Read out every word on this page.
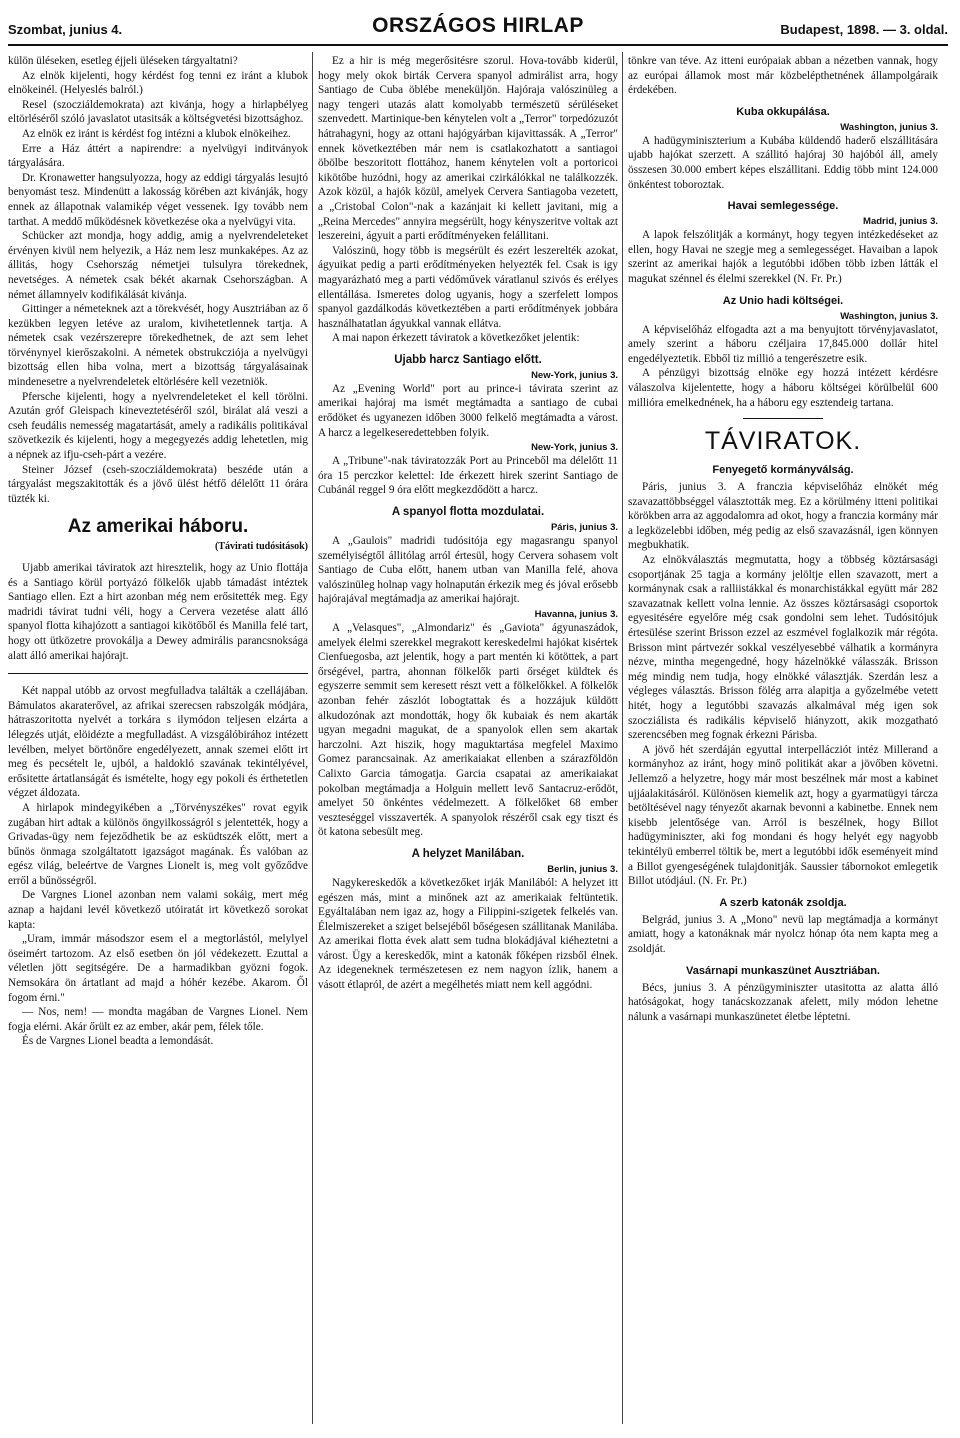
Szombat, junius 4.	ORSZÁGOS HIRLAP	Budapest, 1898. — 3. oldal.

külön üléseken, esetleg éjjeli üléseken tárgyaltatni?

Az elnök kijelenti, hogy kérdést fog tenni ez iránt a klubok elnökeinél. (Helyeslés balról.)

Resel (szocziáldemokrata) azt kivánja, hogy a hirlapbélyeg eltörléséről szóló javaslatot utasitsák a költségvetési bizottsághoz.

Az elnök ez iránt is kérdést fog intézni a klubok elnökeihez.

Erre a Ház áttért a napirendre: a nyelvügyi inditványok tárgyalására.

Dr. Kronawetter hangsulyozza, hogy az eddigi tárgyalás lesujtó benyomást tesz. Mindenütt a lakosság körében azt kivánják, hogy ennek az állapotnak valamikép véget vessenek. Igy tovább nem tarthat. A meddő működésnek következése oka a nyelvügyi vita.

Schücker azt mondja, hogy addig, amig a nyelvrendeleteket érvényen kivül nem helyezik, a Ház nem lesz munkaképes. Az az állitás, hogy Csehország németjei tulsulyra törekednek, nevetséges. A németek csak békét akarnak Csehországban. A német államnyelv kodifikálását kivánja.

Gittinger a németeknek azt a törekvését, hogy Ausztriában az ő kezükben legyen letéve az uralom, kivihetetlennek tartja. A németek csak vezérszerepre törekedhetnek, de azt sem lehet törvénynyel kierőszakolni. A németek obstrukcziója a nyelvügyi bizottság ellen hiba volna, mert a bizottság tárgyalásainak mindenesetre a nyelvrendeletek eltörlésére kell vezetniök.

Pfersche kijelenti, hogy a nyelvrendeleteket el kell törölni. Azután gróf Gleispach kineveztetéséről szól, birálat alá veszi a cseh feudális nemesség magatartását, amely a radikális politikával szövetkezik és kijelenti, hogy a megegyezés addig lehetetlen, mig a népnek az ifju-cseh-párt a vezére.

Steiner József (cseh-szocziáldemokrata) beszéde után a tárgyalást megszakitották és a jövő ülést hétfő délelőtt 11 órára tüzték ki.

Az amerikai háboru.
(Távirati tudósitások)

Ujabb amerikai táviratok azt hiresztelik, hogy az Unio flottája és a Santiago körül portyázó fölkelők ujabb támadást intéztek Santiago ellen. Ezt a hirt azonban még nem erősitették meg. Egy madridi távirat tudni véli, hogy a Cervera vezetése alatt álló spanyol flotta kihajózott a santiagoi kikötőből és Manilla felé tart, hogy ott ütközetre provokálja a Dewey admirális parancsnoksága alatt álló amerikai hajórajt.

Két nappal utóbb az orvost megfulladva találták a czellájában. Bámulatos akaraterővel, az afrikai szerecsen rabszolgák módjára, hátraszoritotta nyelvét a torkára s ilymódon teljesen elzárta a lélegzés utját, elöidézte a megfulladást. A vizsgálóbirához intézett levélben, melyet börtönőre engedélyezett, annak szemei előtt irt meg és pecsételt le, ujból, a haldokló szavának tekintélyével, erősitette ártatlanságát és ismételte, hogy egy pokoli és érthetetlen végzet áldozata.

A hirlapok mindegyikében a „Törvényszékes" rovat egyik zugában hirt adtak a különös öngyilkosságról s jelentették, hogy a Grivadas-ügy nem fejeződhetik be az esküdtszék előtt, mert a bűnös önmaga szolgáltatott igazságot magának. És valóban az egész világ, beleértve de Vargnes Lionelt is, meg volt győződve erről a bűnösségről.

De Vargnes Lionel azonban nem valami sokáig, mert még aznap a hajdani levél következő utóiratát irt következő sorokat kapta:

„Uram, immár másodszor esem el a megtorlástól, melylyel öseimért tartozom. Az első esetben ön jól védekezett. Ezuttal a véletlen jött segitségére. De a harmadikban gyözni fogok. Nemsokára ön ártatlant ad majd a hóhér kezébe. Akarom. Ől fogom érni."

— Nos, nem! — mondta magában de Vargnes Lionel. Nem fogja elérni. Akár őrült ez az ember, akár pem, félek tőle.

És de Vargnes Lionel beadta a lemondását.

Ez a hir is még megerősitésre szorul. Hova-tovább kiderül, hogy mely okok birták Cervera spanyol admirálist arra, hogy Santiago de Cuba öblébe meneküljön. Hajóraja valószinüleg a nagy tengeri utazás alatt komolyabb természetü sérüléseket szenvedett. Martinique-ben kénytelen volt a „Terror" torpedózuzót hátrahagyni, hogy az ottani hajógyárban kijavittassák. A „Terror" ennek következtében már nem is csatlakozhatott a santiagoi öbölbe beszoritott flottához, hanem kénytelen volt a portoricoi kikötőbe huzódni, hogy az amerikai czirkálókkal ne találkozzék. Azok közül, a hajók közül, amelyek Cervera Santiagoba vezetett, a „Cristobal Colon"-nak a kazánjait ki kellett javitani, mig a „Reina Mercedes" annyira megsérült, hogy kényszeritve voltak azt leszereini, ágyuit a parti erődítményeken felállitani.

Valószinü, hogy több is megsérült és ezért leszerelték azokat, ágyuikat pedig a parti erődítményeken helyezték fel. Csak is igy magyarázható meg a parti védőművek váratlanul szivós és erélyes ellentállása. Ismeretes dolog ugyanis, hogy a szerfelett lompos spanyol gazdálkodás következtében a parti erődítmények jobbára használhatatlan ágyukkal vannak ellátva.

A mai napon érkezett táviratok a következőket jelentik:

Ujabb harcz Santiago előtt.
New-York, junius 3.

Az „Evening World" port au prince-i távirata szerint az amerikai hajóraj ma ismét megtámadta a santiago de cubai erődöket és ugyanezen időben 3000 felkelő megtámadta a várost. A harcz a legelkeseredettebben folyik.

New-York, junius 3.

A „Tribune"-nak táviratozzák Port au Princeből ma délelőtt 11 óra 15 perczkor kelettel: Ide érkezett hirek szerint Santiago de Cubánál reggel 9 óra előtt megkezdődött a harcz.

A spanyol flotta mozdulatai.
Páris, junius 3.

A „Gaulois" madridi tudósitója egy magasrangu spanyol személyiségtől állitólag arról értesül, hogy Cervera sohasem volt Santiago de Cuba előtt, hanem utban van Manilla felé, ahova valószinüleg holnap vagy holnapután érkezik meg és jóval erősebb hajórajával megtámadja az amerikai hajórajt.

Havanna, junius 3.

A „Velasques", „Almondariz" és „Gaviota" ágyunaszádok, amelyek élelmi szerekkel megrakott kereskedelmi hajókat kisértek Cienfuegosba, azt jelentik, hogy a part mentén ki kötöttek, a part őrségével, partra, ahonnan fölkelők parti őrséget küldtek és egyszerre semmit sem keresett részt vett a fölkelőkkel. A fölkelők azonban fehér zászlót lobogtattak és a hozzájuk küldött alkudozónak azt mondották, hogy ők kubaiak és nem akarták ugyan megadni magukat, de a spanyolok ellen sem akartak harczolni. Azt hiszik, hogy maguktartása megfelel Maximo Gomez parancsainak. Az amerikaiakat ellenben a szárazföldön Calixto Garcia támogatja. Garcia csapatai az amerikaiakat pokolban megtámadja a Holguin mellett levő Santacruz-erődöt, amelyet 50 önkéntes védelmezett. A fölkelőket 68 ember veszteséggel visszaverték. A spanyolok részéről csak egy tiszt és öt katona sebesült meg.

A helyzet Manilában.
Berlin, junius 3.

Nagykereskedők a következőket irják Manilából: A helyzet itt egészen más, mint a minőnek azt az amerikaiak feltüntetik. Egyáltalában nem igaz az, hogy a Filippini-szigetek felkelés van. Élelmiszereket a sziget belsejéből bőségesen szállitanak Manilába. Az amerikai flotta évek alatt sem tudna blokádjával kiéheztetni a várost. Ügy a kereskedők, mint a katonák főképen rizsből élnek. Az idegeneknek természetesen ez nem nagyon ízlik, hanem a vásott étlapról, de azért a megélhetés miatt nem kell aggódni.

tönkre van téve. Az itteni európaiak abban a nézetben vannak, hogy az európai államok most már közbelépthetnének állampolgáraik érdekében.

Kuba okkupálása.
Washington, junius 3.

A hadügyminiszterium a Kubába küldendő haderő elszállitására ujabb hajókat szerzett. A szállitó hajóraj 30 hajóból áll, amely összesen 30.000 embert képes elszállitani. Eddig több mint 124.000 önkéntest toboroztak.

Havai semlegessége.
Madrid, junius 3.

A lapok felszólitják a kormányt, hogy tegyen intézkedéseket az ellen, hogy Havai ne szegje meg a semlegességet. Havaiban a lapok szerint az amerikai hajók a legutóbbi időben több izben látták el magukat szénnel és élelmi szerekkel (N. Fr. Pr.)

Az Unio hadi költségei.
Washington, junius 3.

A képviselőház elfogadta azt a ma benyujtott törvényjavaslatot, amely szerint a háboru czéljaira 17,845.000 dollár hitel engedélyeztetik. Ebből tiz millió a tengerészetre esik.

A pénzügyi bizottság elnöke egy hozzá intézett kérdésre válaszolva kijelentette, hogy a háboru költségei körülbelül 600 millióra emelkednének, ha a háboru egy esztendeig tartana.

TÁVIRATOK.
Fenyegető kormányválság.

Páris, junius 3. A franczia képviselőház elnökét még szavazattöbbséggel választották meg. Ez a körülmény itteni politikai körökben arra az aggodalomra ad okot, hogy a franczia kormány már a legközelebbi időben, még pedig az első szavazásnál, igen könnyen megbukhatik.

Az elnökválasztás megmutatta, hogy a többség köztársasági csoportjának 25 tagja a kormány jelöltje ellen szavazott, mert a kormánynak csak a ralliistákkal és monarchistákkal együtt már 282 szavazatnak kellett volna lennie. Az összes köztársasági csoportok egyesitésére egyelőre még csak gondolni sem lehet. Tudósitójuk értesülése szerint Brisson ezzel az eszmével foglalkozik már régóta. Brisson mint pártvezér sokkal veszélyesebbé válhatik a kormányra nézve, mintha megengedné, hogy házelnökké válasszák. Brisson még mindig nem tudja, hogy elnökké választják. Szerdán lesz a végleges választás. Brisson fölég arra alapitja a győzelmébe vetett hitét, hogy a legutóbbi szavazás alkalmával még igen sok szocziálista és radikális képviselő hiányzott, akik mozgatható szerencsében meg fognak érkezni Párisba.

A jövő hét szerdáján egyuttal interpellácziót intéz Millerand a kormányhoz az iránt, hogy minő politikát akar a jövőben követni. Jellemző a helyzetre, hogy már most beszélnek már most a kabinet ujjáalakitásáról. Különösen kiemelik azt, hogy a gyarmatügyi tárcza betöltésével nagy tényezőt akarnak bevonni a kabinetbe. Ennek nem kisebb jelentősége van. Arról is beszélnek, hogy Billot hadügyminiszter, aki fog mondani és hogy helyét egy nagyobb tekintélyü emberrel töltik be, mert a legutóbbi idők eseményeit mind a Billot gyengeségének tulajdonitják. Saussier tábornokot emlegetik Billot utódjául. (N. Fr. Pr.)

A szerb katonák zsoldja.

Belgrád, junius 3. A „Mono" nevü lap megtámadja a kormányt amiatt, hogy a katonáknak már nyolcz hónap óta nem kapta meg a zsoldját.

Vasárnapi munkaszünet Ausztriában.

Bécs, junius 3. A pénzügyminiszter utasitotta az alatta álló hatóságokat, hogy tanácskozzanak afelett, mily módon lehetne nálunk a vasárnapi munkaszünetet életbe léptetni.
